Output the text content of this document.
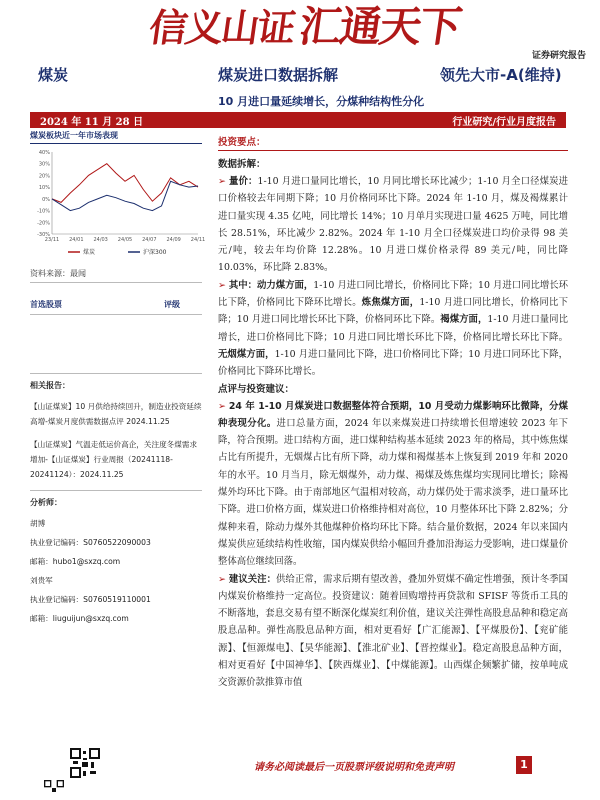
信义山证汇通天下
证券研究报告
煤炭	煤炭进口数据拆解	领先大市-A(维持)
10 月进口量延续增长，分煤种结构性分化
2024 年 11 月 28 日	行业研究/行业月度报告
煤炭板块近一年市场表现
40%
30%
20%
10%
0%
-10%
-20%
-30%
23/11 24/01 24/03 24/05 24/07 24/09 24/11
煤炭	沪深300
资料来源：最闻
首选股票	评级
相关报告：
【山证煤炭】10 月供给持续回升，制造业投资延续高增-煤炭月度供需数据点评 2024.11.25
【山证煤炭】气温走低运价高企，关注度冬煤需求增加-【山证煤炭】行业周报（20241118-20241124）：2024.11.25
分析师：
胡博
执业登记编码：S0760522090003
邮箱：hubo1@sxzq.com
刘贵军
执业登记编码：S0760519110001
邮箱：liuguijun@sxzq.com
投资要点：
数据拆解：

➢ 量价：1-10 月进口量同比增长，10 月同比增长环比减少；1-10 月全口径煤炭进口价格较去年同期下降；10 月价格同环比下降。2024 年 1-10 月，煤及褐煤累计进口量实现 4.35 亿吨，同比增长 14%；10 月单月实现进口量 4625 万吨，同比增长 28.51%，环比减少 2.82%。2024 年 1-10 月全口径煤炭进口均价录得 98 美元/吨，较去年均价降 12.28%。10 月进口煤价格录得 89 美元/吨，同比降 10.03%，环比降 2.83%。

➢ 其中：动力煤方面，1-10 月进口同比增长，价格同比下降；10 月进口同比增长环比下降，价格同比下降环比增长。炼焦煤方面，1-10 月进口同比增长，价格同比下降；10 月进口同比增长环比下降，价格同环比下降。褐煤方面，1-10 月进口量同比增长，进口价格同比下降；10 月进口同比增长环比下降，价格同比增长环比下降。无烟煤方面，1-10 月进口量同比下降，进口价格同比下降；10 月进口同环比下降，价格同比下降环比增长。

点评与投资建议：

➢ 24 年 1-10 月煤炭进口数据整体符合预期，10 月受动力煤影响环比微降，分煤种表现分化。进口总量方面，2024 年以来煤炭进口持续增长但增速较 2023 年下降，符合预期。进口结构方面，进口煤种结构基本延续 2023 年的格局，其中炼焦煤占比有所提升，无烟煤占比有所下降，动力煤和褐煤基本上恢复到 2019 年和 2020 年的水平。10 月当月，除无烟煤外，动力煤、褐煤及炼焦煤均实现同比增长；除褐煤外均环比下降。由于南部地区气温相对较高，动力煤仍处于需求淡季，进口量环比下降。进口价格方面，煤炭进口价格维持相对高位，10 月整体环比下降 2.82%；分煤种来看，除动力煤外其他煤种价格均环比下降。结合量价数据，2024 年以来国内煤炭供应延续结构性收缩，国内煤炭供给小幅回升叠加沿海运力受影响，进口煤量价整体高位继续回落。

➢ 建议关注：供给正常，需求后期有望改善，叠加外贸煤不确定性增强，预计冬季国内煤炭价格维持一定高位。投资建议：随着回购增持再贷款和 SFISF 等货币工具的不断落地，套息交易有望不断深化煤炭红利价值，建议关注弹性高股息品种和稳定高股息品种。弹性高股息品种方面，相对更看好【广汇能源】、【平煤股份】、【兖矿能源】、【恒源煤电】、【昊华能源】、【淮北矿业】、【晋控煤业】。稳定高股息品种方面，相对更看好【中国神华】、【陕西煤业】、【中煤能源】。山西煤企频繁扩储，按单吨成交资源价款推算市值

请务必阅读最后一页股票评级说明和免责声明	1
